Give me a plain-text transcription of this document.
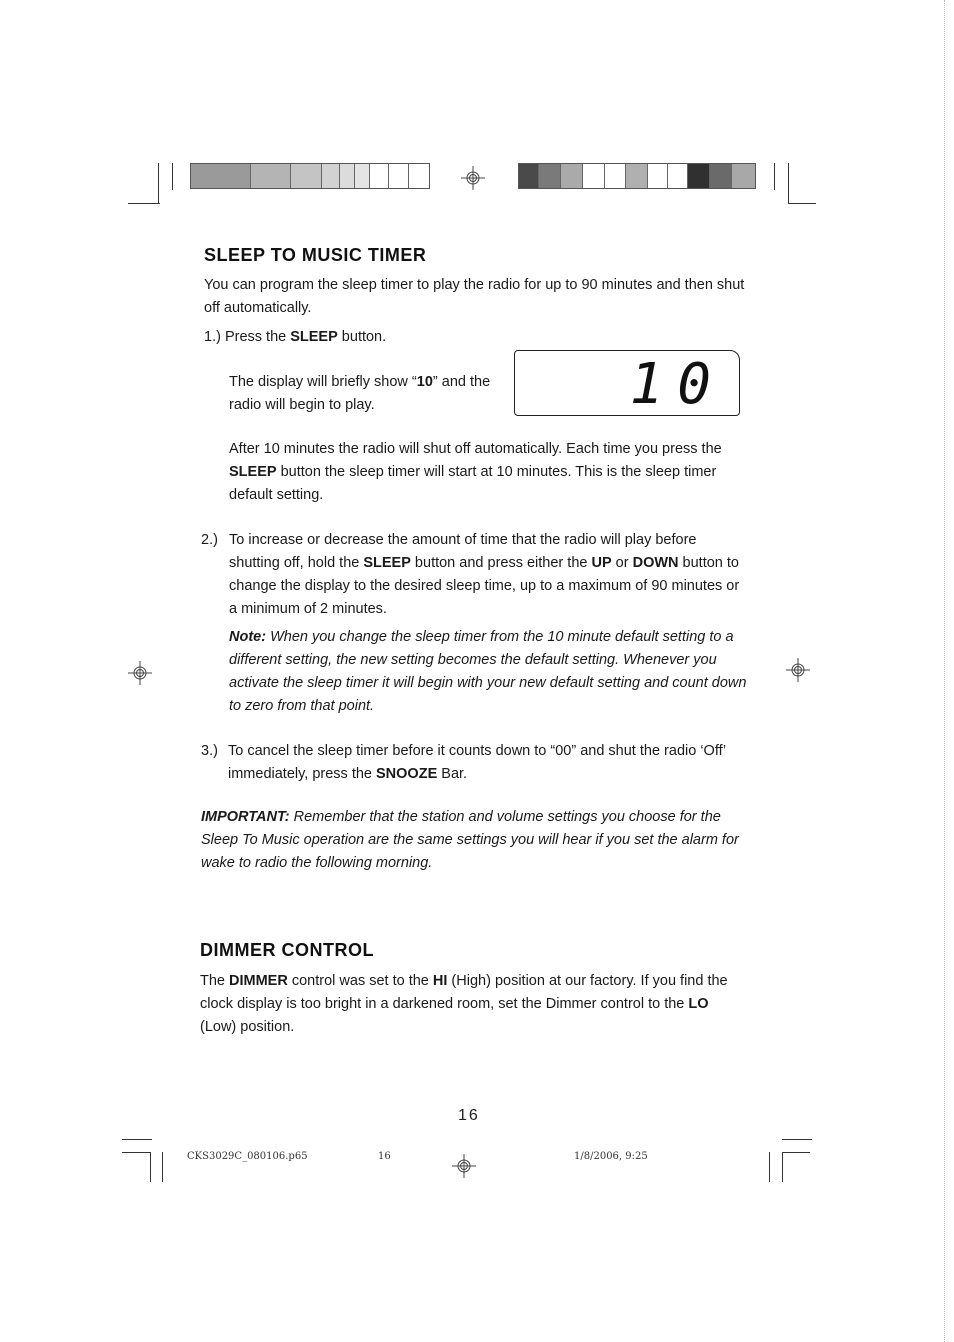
SLEEP TO MUSIC TIMER

You can program the sleep timer to play the radio for up to 90 minutes and then shut off automatically.

1.) Press the SLEEP button.

The display will briefly show “10” and the radio will begin to play.	10

After 10 minutes the radio will shut off automatically. Each time you press the SLEEP button the sleep timer will start at 10 minutes. This is the sleep timer default setting.

2.) To increase or decrease the amount of time that the radio will play before shutting off, hold the SLEEP button and press either the UP or DOWN button to change the display to the desired sleep time, up to a maximum of 90 minutes or a minimum of 2 minutes.

Note: When you change the sleep timer from the 10 minute default setting to a different setting, the new setting becomes the default setting. Whenever you activate the sleep timer it will begin with your new default setting and count down to zero from that point.

3.) To cancel the sleep timer before it counts down to “00” and shut the radio ‘Off’ immediately, press the SNOOZE Bar.

IMPORTANT: Remember that the station and volume settings you choose for the Sleep To Music operation are the same settings you will hear if you set the alarm for wake to radio the following morning.

DIMMER CONTROL

The DIMMER control was set to the HI (High) position at our factory. If you find the clock display is too bright in a darkened room, set the Dimmer control to the LO (Low) position.

16
CKS3029C_080106.p65	16	1/8/2006, 9:25
